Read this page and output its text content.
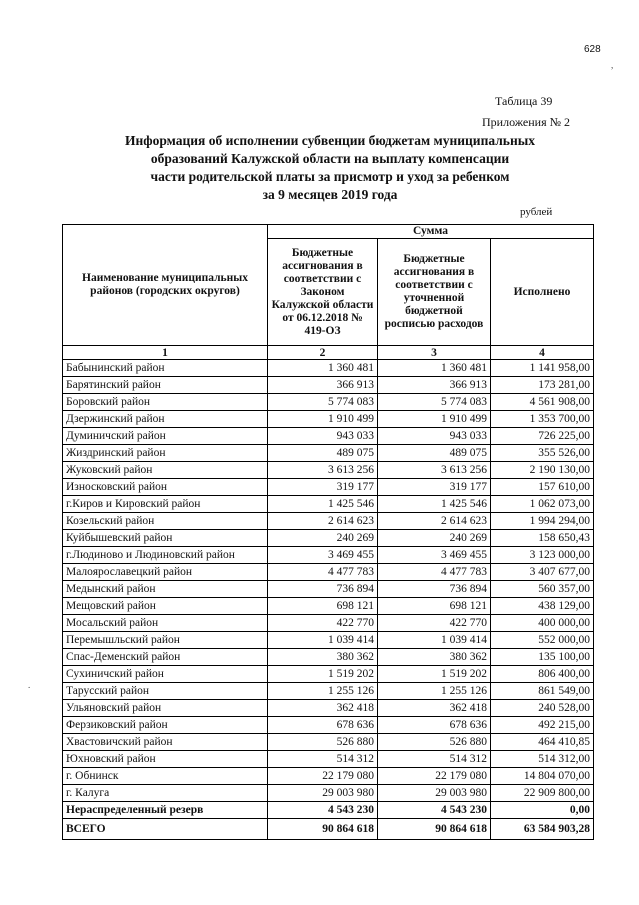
628
,
.
Таблица 39
Приложения № 2
Информация об исполнении субвенции бюджетам муниципальных
образований Калужской области на выплату компенсации
части родительской платы за присмотр и уход за ребенком
за 9 месяцев 2019 года
рублей
Наименование муниципальных районов (городских округов)	Сумма		
	Бюджетные ассигнования в соответствии с Законом Калужской области от 06.12.2018 № 419-ОЗ	Бюджетные ассигнования в соответствии с уточненной бюджетной росписью расходов	Исполнено
1	2	3	4
Бабынинский район	1 360 481	1 360 481	1 141 958,00
Барятинский район	366 913	366 913	173 281,00
Боровский район	5 774 083	5 774 083	4 561 908,00
Дзержинский район	1 910 499	1 910 499	1 353 700,00
Думиничский район	943 033	943 033	726 225,00
Жиздринский район	489 075	489 075	355 526,00
Жуковский район	3 613 256	3 613 256	2 190 130,00
Износковский район	319 177	319 177	157 610,00
г.Киров и Кировский район	1 425 546	1 425 546	1 062 073,00
Козельский район	2 614 623	2 614 623	1 994 294,00
Куйбышевский район	240 269	240 269	158 650,43
г.Людиново и Людиновский район	3 469 455	3 469 455	3 123 000,00
Малоярославецкий район	4 477 783	4 477 783	3 407 677,00
Медынский район	736 894	736 894	560 357,00
Мещовский район	698 121	698 121	438 129,00
Мосальский район	422 770	422 770	400 000,00
Перемышльский район	1 039 414	1 039 414	552 000,00
Спас-Деменский район	380 362	380 362	135 100,00
Сухиничский район	1 519 202	1 519 202	806 400,00
Тарусский район	1 255 126	1 255 126	861 549,00
Ульяновский район	362 418	362 418	240 528,00
Ферзиковский район	678 636	678 636	492 215,00
Хвастовичский район	526 880	526 880	464 410,85
Юхновский район	514 312	514 312	514 312,00
г. Обнинск	22 179 080	22 179 080	14 804 070,00
г. Калуга	29 003 980	29 003 980	22 909 800,00
Нераспределенный резерв	4 543 230	4 543 230	0,00
ВСЕГО	90 864 618	90 864 618	63 584 903,28
